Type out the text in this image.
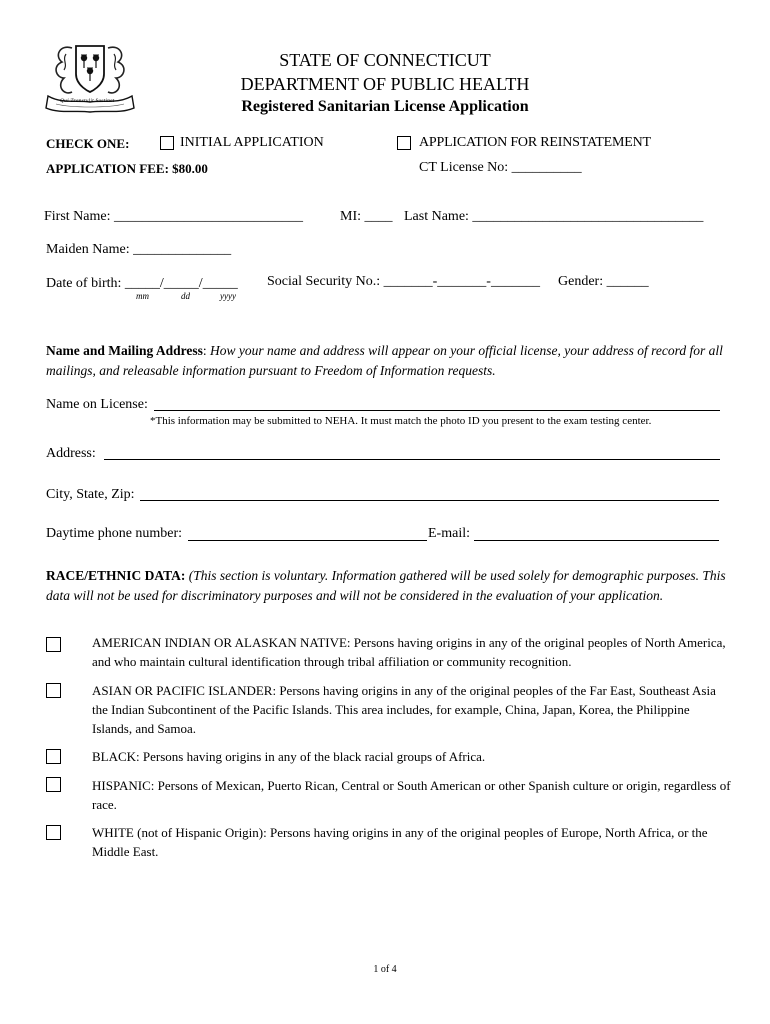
Qui Transtulit Sustinet
STATE OF CONNECTICUT
DEPARTMENT OF PUBLIC HEALTH
Registered Sanitarian License Application
CHECK ONE:	INITIAL APPLICATION	APPLICATION FOR REINSTATEMENT
APPLICATION FEE: $80.00	CT License No: __________
First Name: ___________________________	MI: ____ Last Name: _________________________________
Maiden Name: ______________
Date of birth: _____/_____/_____
mm	dd	yyyy
Social Security No.: _______-_______-_______ Gender: ______
Name and Mailing Address: How your name and address will appear on your official license, your address of record for all mailings, and releasable information pursuant to Freedom of Information requests.
Name on License:
*This information may be submitted to NEHA. It must match the photo ID you present to the exam testing center.
Address:
City, State, Zip:
Daytime phone number:	E-mail:
RACE/ETHNIC DATA: (This section is voluntary. Information gathered will be used solely for demographic purposes. This data will not be used for discriminatory purposes and will not be considered in the evaluation of your application.
AMERICAN INDIAN OR ALASKAN NATIVE: Persons having origins in any of the original peoples of North America, and who maintain cultural identification through tribal affiliation or community recognition.
ASIAN OR PACIFIC ISLANDER: Persons having origins in any of the original peoples of the Far East, Southeast Asia the Indian Subcontinent of the Pacific Islands. This area includes, for example, China, Japan, Korea, the Philippine Islands, and Samoa.
BLACK: Persons having origins in any of the black racial groups of Africa.
HISPANIC: Persons of Mexican, Puerto Rican, Central or South American or other Spanish culture or origin, regardless of race.
WHITE (not of Hispanic Origin): Persons having origins in any of the original peoples of Europe, North Africa, or the Middle East.
1 of 4
